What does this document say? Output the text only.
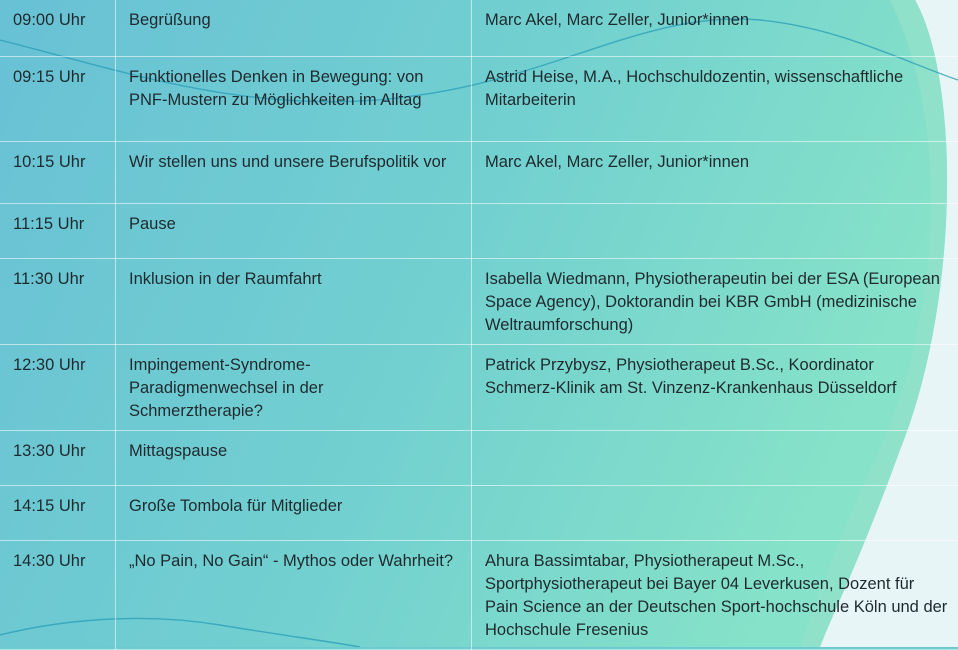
09:00 Uhr	Begrüßung	Marc Akel, Marc Zeller, Junior*innen
09:15 Uhr	Funktionelles Denken in Bewegung: von PNF-Mustern zu Möglichkeiten im Alltag	Astrid Heise, M.A., Hochschuldozentin, wissenschaftliche Mitarbeiterin
10:15 Uhr	Wir stellen uns und unsere Berufspolitik vor	Marc Akel, Marc Zeller, Junior*innen
11:15 Uhr	Pause	
11:30 Uhr	Inklusion in der Raumfahrt	Isabella Wiedmann, Physiotherapeutin bei der ESA (European Space Agency), Doktorandin bei KBR GmbH (medizinische Weltraumforschung)
12:30 Uhr	Impingement-Syndrome- Paradigmenwechsel in der Schmerztherapie?	Patrick Przybysz, Physiotherapeut B.Sc., Koordinator Schmerz-Klinik am St. Vinzenz-Krankenhaus Düsseldorf
13:30 Uhr	Mittagspause	
14:15 Uhr	Große Tombola für Mitglieder	
14:30 Uhr	„No Pain, No Gain“ - Mythos oder Wahrheit?	Ahura Bassimtabar, Physiotherapeut M.Sc., Sportphysiotherapeut bei Bayer 04 Leverkusen, Dozent für Pain Science an der Deutschen Sport-hochschule Köln und der Hochschule Fresenius
